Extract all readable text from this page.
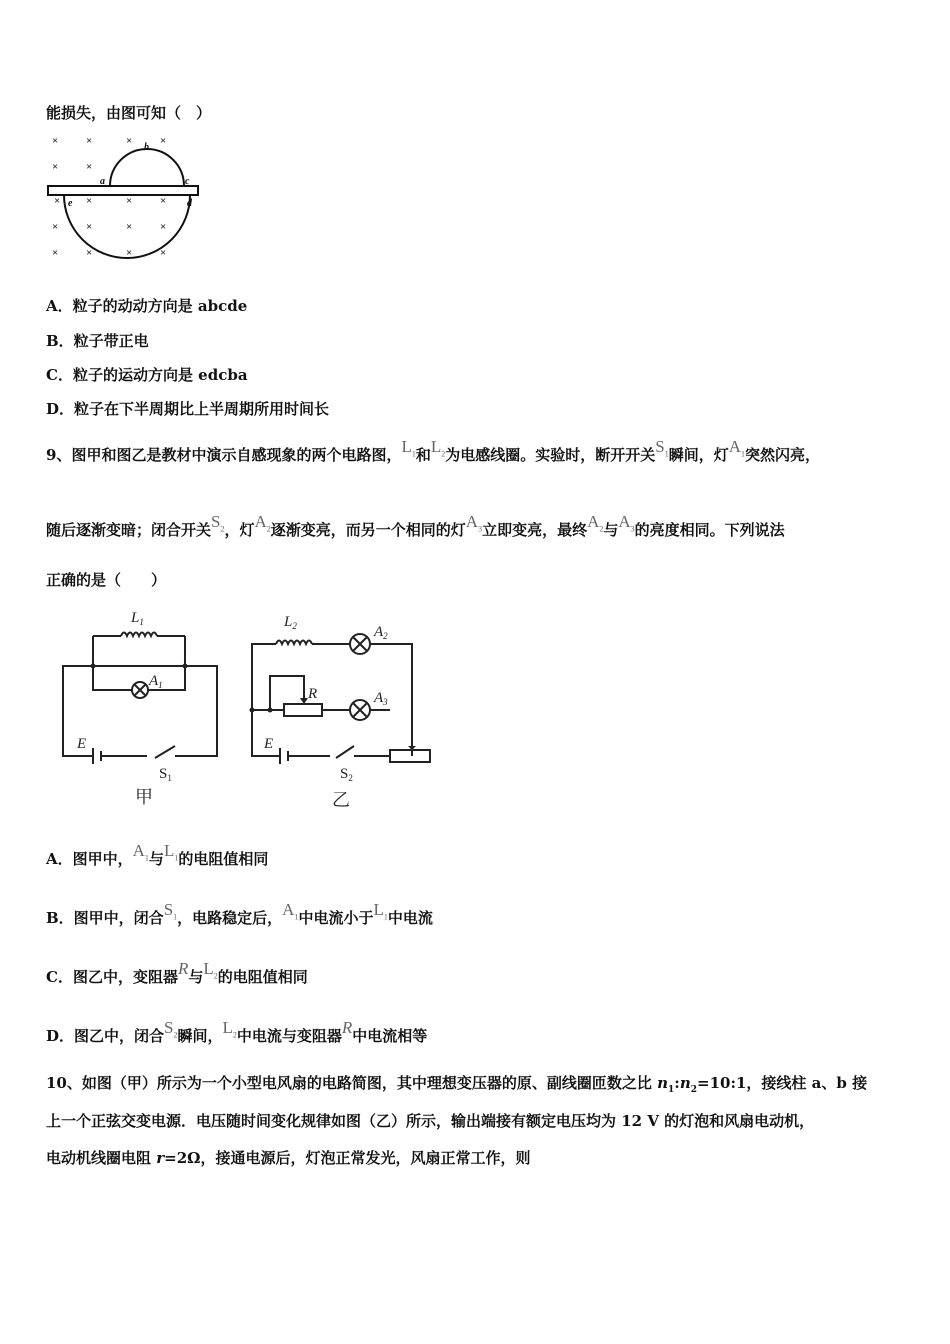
能损失，由图可知（　）
×	×	×	×
×	×
× ×	×	×
×	×	×	×
×	×	×	×
a
b
c
d
e
A．粒子的动动方向是 abcde
B．粒子带正电
C．粒子的运动方向是 edcba
D．粒子在下半周期比上半周期所用时间长
9、图甲和图乙是教材中演示自感现象的两个电路图，$L_1$和$L_2$为电感线圈。实验时，断开开关$S_1$瞬间，灯$A_1$突然闪亮，
随后逐渐变暗；闭合开关$S_2$，灯$A_2$逐渐变亮，而另一个相同的灯$A_3$立即变亮，最终$A_2$与$A_3$的亮度相同。下列说法
正确的是（　　）
$L_1$
$A_1$
E
$S_1$
甲
$L_2$	$A_2$
R	$A_3$
E
$S_2$
乙
A．图甲中，$A_1$与$L_1$的电阻值相同
B．图甲中，闭合$S_1$，电路稳定后，$A_1$中电流小于$L_1$中电流
C．图乙中，变阻器R与$L_2$的电阻值相同
D．图乙中，闭合$S_2$瞬间，$L_2$中电流与变阻器R中电流相等
10、如图（甲）所示为一个小型电风扇的电路简图，其中理想变压器的原、副线圈匝数之比 $n_1:n_2=10:1$，接线柱 a、b 接
上一个正弦交变电源．电压随时间变化规律如图（乙）所示，输出端接有额定电压均为 12 V 的灯泡和风扇电动机，
电动机线圈电阻 r=2Ω，接通电源后，灯泡正常发光，风扇正常工作，则
